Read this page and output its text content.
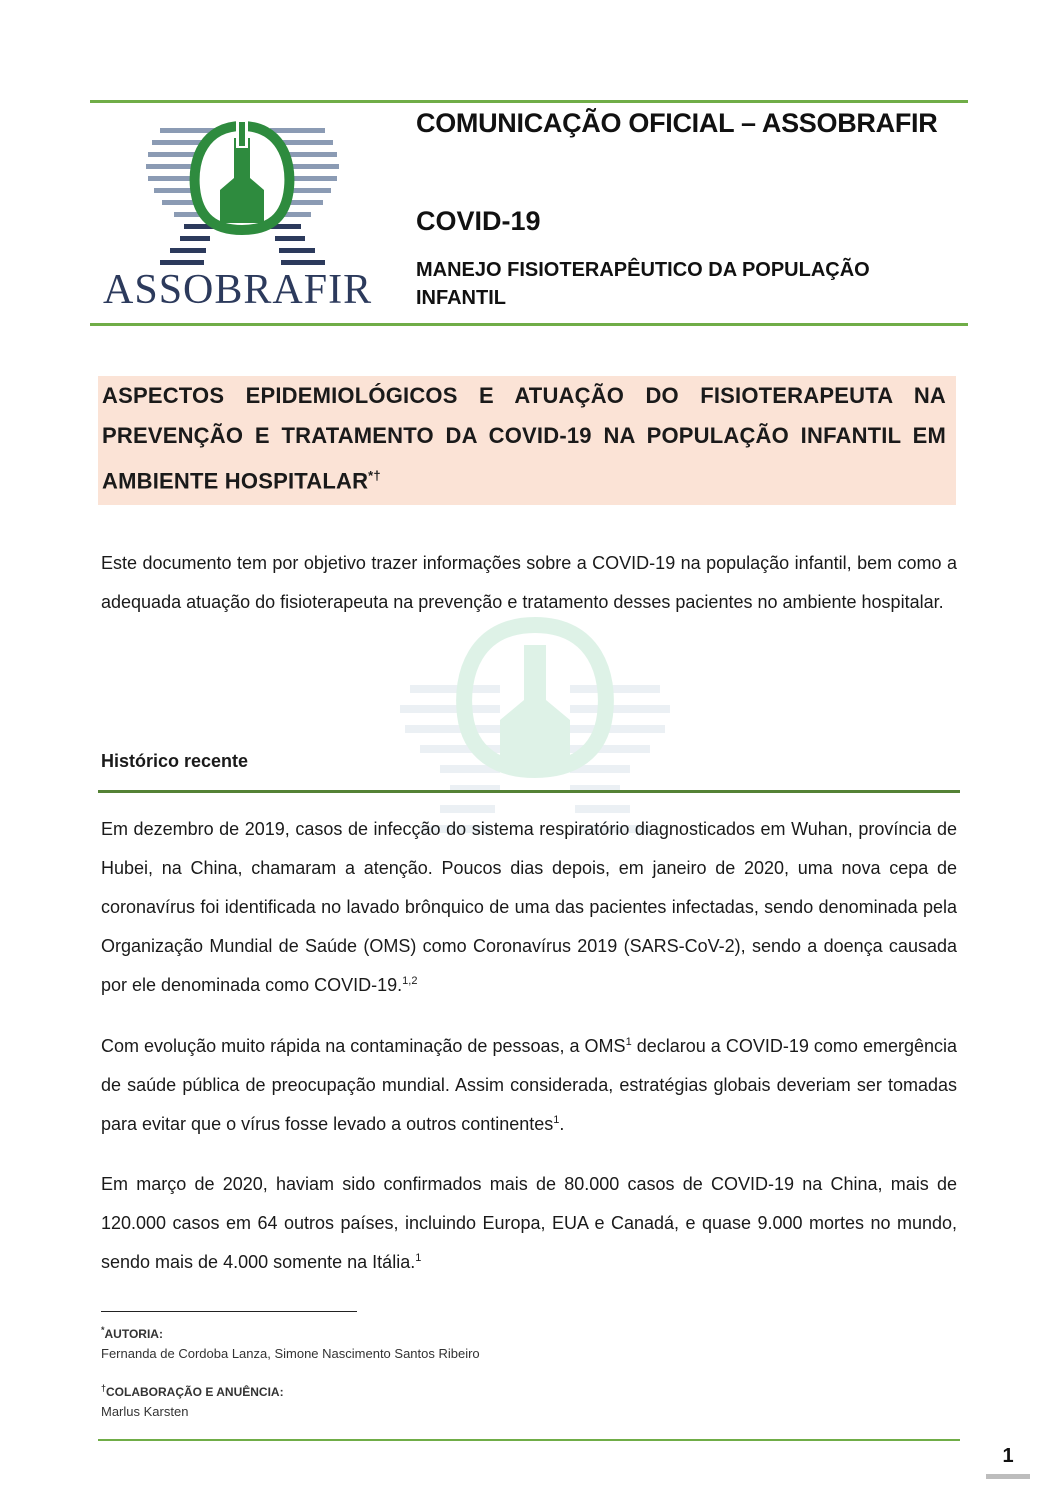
ASSOBRAFIR
COMUNICAÇÃO OFICIAL – ASSOBRAFIR
COVID-19
MANEJO FISIOTERAPÊUTICO DA POPULAÇÃO INFANTIL
ASPECTOS EPIDEMIOLÓGICOS E ATUAÇÃO DO FISIOTERAPEUTA NA PREVENÇÃO E TRATAMENTO DA COVID-19 NA POPULAÇÃO INFANTIL EM AMBIENTE HOSPITALAR*†
Este documento tem por objetivo trazer informações sobre a COVID-19 na população infantil, bem como a adequada atuação do fisioterapeuta na prevenção e tratamento desses pacientes no ambiente hospitalar.
Histórico recente
Em dezembro de 2019, casos de infecção do sistema respiratório diagnosticados em Wuhan, província de Hubei, na China, chamaram a atenção. Poucos dias depois, em janeiro de 2020, uma nova cepa de coronavírus foi identificada no lavado brônquico de uma das pacientes infectadas, sendo denominada pela Organização Mundial de Saúde (OMS) como Coronavírus 2019 (SARS-CoV-2), sendo a doença causada por ele denominada como COVID-19.$^{1,2}$
Com evolução muito rápida na contaminação de pessoas, a OMS$^1$ declarou a COVID-19 como emergência de saúde pública de preocupação mundial. Assim considerada, estratégias globais deveriam ser tomadas para evitar que o vírus fosse levado a outros continentes$^1$.
Em março de 2020, haviam sido confirmados mais de 80.000 casos de COVID-19 na China, mais de 120.000 casos em 64 outros países, incluindo Europa, EUA e Canadá, e quase 9.000 mortes no mundo, sendo mais de 4.000 somente na Itália.$^1$
*AUTORIA:
Fernanda de Cordoba Lanza, Simone Nascimento Santos Ribeiro
†COLABORAÇÃO E ANUÊNCIA:
Marlus Karsten
1
